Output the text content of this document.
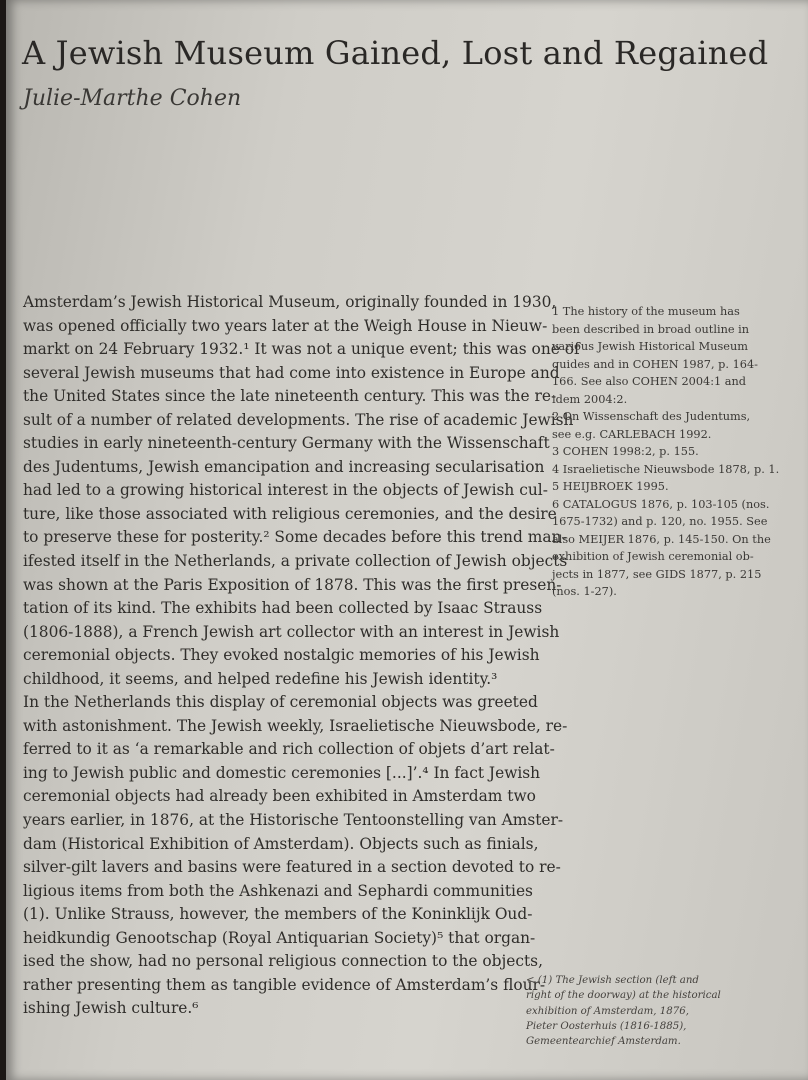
A Jewish Museum Gained, Lost and Regained
Julie-Marthe Cohen
Amsterdam’s Jewish Historical Museum, originally founded in 1930,
was opened officially two years later at the Weigh House in Nieuw-
markt on 24 February 1932.¹ It was not a unique event; this was one of
several Jewish museums that had come into existence in Europe and
the United States since the late nineteenth century. This was the re-
sult of a number of related developments. The rise of academic Jewish
studies in early nineteenth-century Germany with the Wissenschaft
des Judentums, Jewish emancipation and increasing secularisation
had led to a growing historical interest in the objects of Jewish cul-
ture, like those associated with religious ceremonies, and the desire
to preserve these for posterity.² Some decades before this trend man-
ifested itself in the Netherlands, a private collection of Jewish objects
was shown at the Paris Exposition of 1878. This was the first presen-
tation of its kind. The exhibits had been collected by Isaac Strauss
(1806-1888), a French Jewish art collector with an interest in Jewish
ceremonial objects. They evoked nostalgic memories of his Jewish
childhood, it seems, and helped redefine his Jewish identity.³
In the Netherlands this display of ceremonial objects was greeted
with astonishment. The Jewish weekly, Israelietische Nieuwsbode, re-
ferred to it as ‘a remarkable and rich collection of objets d’art relat-
ing to Jewish public and domestic ceremonies [...]’.⁴ In fact Jewish
ceremonial objects had already been exhibited in Amsterdam two
years earlier, in 1876, at the Historische Tentoonstelling van Amster-
dam (Historical Exhibition of Amsterdam). Objects such as finials,
silver-gilt lavers and basins were featured in a section devoted to re-
ligious items from both the Ashkenazi and Sephardi communities
(1). Unlike Strauss, however, the members of the Koninklijk Oud-
heidkundig Genootschap (Royal Antiquarian Society)⁵ that organ-
ised the show, had no personal religious connection to the objects,
rather presenting them as tangible evidence of Amsterdam’s flour-
ishing Jewish culture.⁶
1 The history of the museum has
been described in broad outline in
various Jewish Historical Museum
guides and in COHEN 1987, p. 164-
166. See also COHEN 2004:1 and
idem 2004:2.
2 On Wissenschaft des Judentums,
see e.g. CARLEBACH 1992.
3 COHEN 1998:2, p. 155.
4 Israelietische Nieuwsbode 1878, p. 1.
5 HEIJBROEK 1995.
6 CATALOGUS 1876, p. 103-105 (nos.
1675-1732) and p. 120, no. 1955. See
also MEIJER 1876, p. 145-150. On the
exhibition of Jewish ceremonial ob-
jects in 1877, see GIDS 1877, p. 215
(nos. 1-27).
< (1) The Jewish section (left and
right of the doorway) at the historical
exhibition of Amsterdam, 1876,
Pieter Oosterhuis (1816-1885),
Gemeentearchief Amsterdam.
